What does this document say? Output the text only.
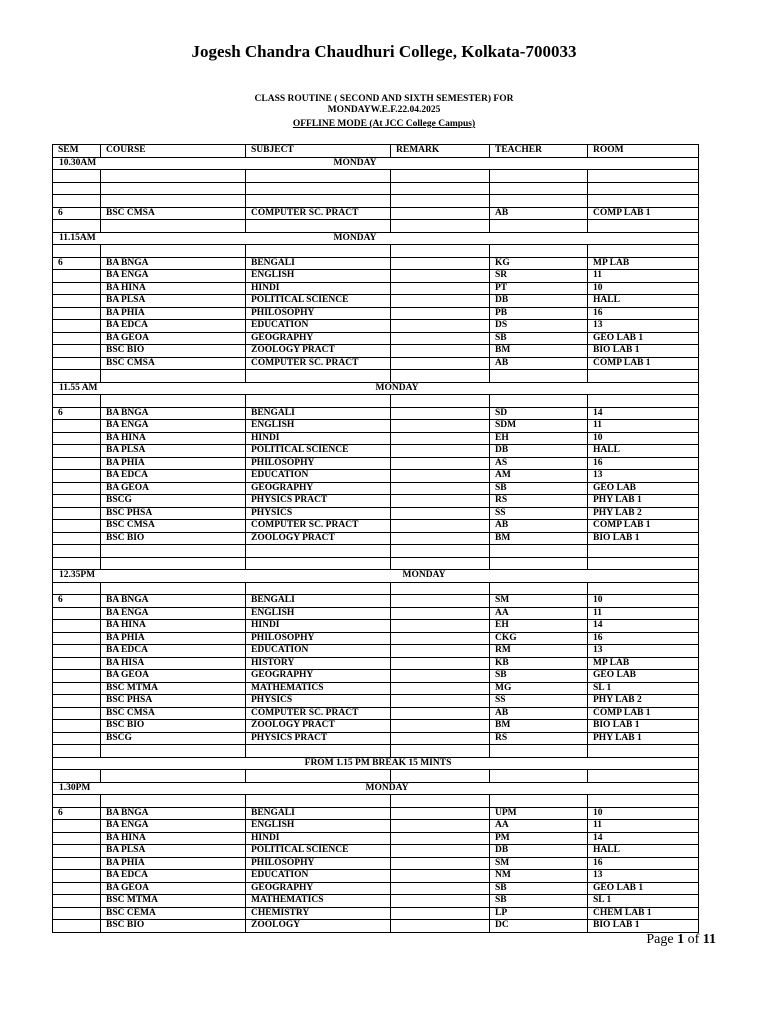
Jogesh Chandra Chaudhuri College, Kolkata-700033
CLASS ROUTINE ( SECOND AND SIXTH SEMESTER) FOR
MONDAYW.E.F.22.04.2025
OFFLINE MODE (At JCC College Campus)
SEM	COURSE	SUBJECT	REMARK	TEACHER	ROOM
10.30AM	MONDAY				

6	BSC CMSA	COMPUTER SC. PRACT		AB	COMP LAB 1

11.15AM	MONDAY				

6	BA BNGA	BENGALI		KG	MP LAB
	BA ENGA	ENGLISH		SR	11
	BA HINA	HINDI		PT	10
	BA PLSA	POLITICAL SCIENCE		DB	HALL
	BA PHIA	PHILOSOPHY		PB	16
	BA EDCA	EDUCATION		DS	13
	BA GEOA	GEOGRAPHY		SB	GEO LAB 1
	BSC BIO	ZOOLOGY PRACT		BM	BIO LAB 1
	BSC CMSA	COMPUTER SC. PRACT		AB	COMP LAB 1

11.55 AM	MONDAY				

6	BA BNGA	BENGALI		SD	14
	BA ENGA	ENGLISH		SDM	11
	BA HINA	HINDI		EH	10
	BA PLSA	POLITICAL SCIENCE		DB	HALL
	BA PHIA	PHILOSOPHY		AS	16
	BA EDCA	EDUCATION		AM	13
	BA GEOA	GEOGRAPHY		SB	GEO LAB
	BSCG	PHYSICS PRACT		RS	PHY LAB 1
	BSC PHSA	PHYSICS		SS	PHY LAB 2
	BSC CMSA	COMPUTER SC. PRACT		AB	COMP LAB 1
	BSC BIO	ZOOLOGY PRACT		BM	BIO LAB 1

12.35PM	MONDAY				

6	BA BNGA	BENGALI		SM	10
	BA ENGA	ENGLISH		AA	11
	BA HINA	HINDI		EH	14
	BA PHIA	PHILOSOPHY		CKG	16
	BA EDCA	EDUCATION		RM	13
	BA HISA	HISTORY		KB	MP LAB
	BA GEOA	GEOGRAPHY		SB	GEO LAB
	BSC MTMA	MATHEMATICS		MG	SL 1
	BSC PHSA	PHYSICS		SS	PHY LAB 2
	BSC CMSA	COMPUTER SC. PRACT		AB	COMP LAB 1
	BSC BIO	ZOOLOGY PRACT		BM	BIO LAB 1
	BSCG	PHYSICS PRACT		RS	PHY LAB 1

FROM 1.15 PM BREAK 15 MINTS					

1.30PM	MONDAY				

6	BA BNGA	BENGALI		UPM	10
	BA ENGA	ENGLISH		AA	11
	BA HINA	HINDI		PM	14
	BA PLSA	POLITICAL SCIENCE		DB	HALL
	BA PHIA	PHILOSOPHY		SM	16
	BA EDCA	EDUCATION		NM	13
	BA GEOA	GEOGRAPHY		SB	GEO LAB 1
	BSC MTMA	MATHEMATICS		SB	SL 1
	BSC CEMA	CHEMISTRY		LP	CHEM LAB 1
	BSC BIO	ZOOLOGY		DC	BIO LAB 1
Page 1 of 11
